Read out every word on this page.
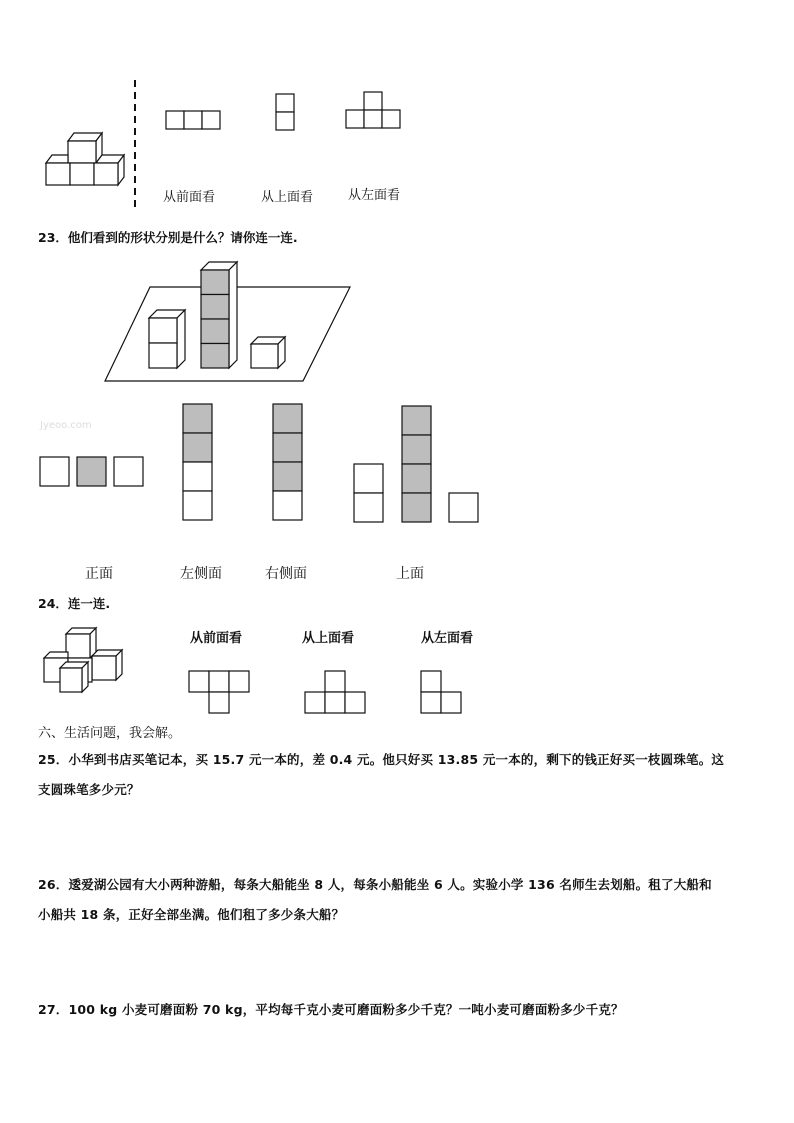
从前面看	从上面看	从左面看
23．他们看到的形状分别是什么？请你连一连.
Jyeoo.com
正面	左侧面	右侧面	上面
24．连一连.
从前面看	从上面看	从左面看
六、生活问题，我会解。
25．小华到书店买笔记本，买 15.7 元一本的，差 0.4 元。他只好买 13.85 元一本的，剩下的钱正好买一枝圆珠笔。这
支圆珠笔多少元？
26．逶爱湖公园有大小两种游船，每条大船能坐 8 人，每条小船能坐 6 人。实验小学 136 名师生去划船。租了大船和
小船共 18 条，正好全部坐满。他们租了多少条大船？
27．100 kg 小麦可磨面粉 70 kg，平均每千克小麦可磨面粉多少千克？一吨小麦可磨面粉多少千克？
